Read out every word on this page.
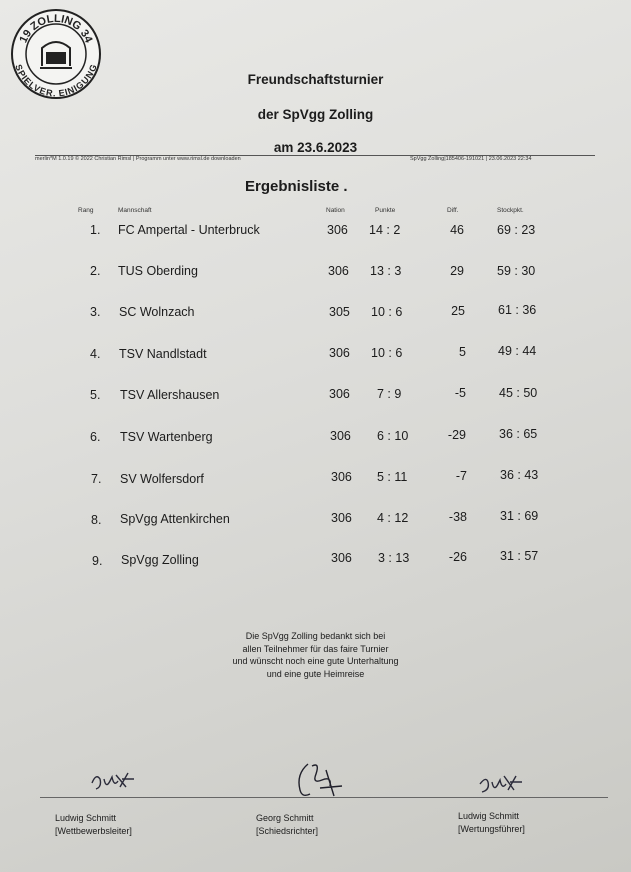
19 ZOLLING 34
SPIELVER. EINIGUNG
Freundschaftsturnier
der SpVgg Zolling
am 23.6.2023
merlin*M 1.0.19 © 2022 Christian Rimsl | Programm unter www.rimsl.de downloaden	SpVgg Zolling|185406-191021 | 23.06.2023 22:34
Ergebnisliste .
Rang	Mannschaft	Nation	Punkte	Diff.	Stockpkt.
1. FC Ampertal - Unterbruck	306 14 : 2	46	69 : 23
2. TUS Oberding	306 13 : 3	29	59 : 30
3. SC Wolnzach	305 10 : 6	25	61 : 36
4. TSV Nandlstadt	306 10 : 6	5	49 : 44
5. TSV Allershausen	306 7 : 9	-5	45 : 50
6. TSV Wartenberg	306 6 : 10	-29	36 : 65
7. SV Wolfersdorf	306 5 : 11	-7	36 : 43
8. SpVgg Attenkirchen	306 4 : 12	-38	31 : 69
9. SpVgg Zolling	306 3 : 13	-26	31 : 57
Die SpVgg Zolling bedankt sich bei
allen Teilnehmer für das faire Turnier
und wünscht noch eine gute Unterhaltung
und eine gute Heimreise
Ludwig Schmitt
[Wettbewerbsleiter]
Georg Schmitt
[Schiedsrichter]
Ludwig Schmitt
[Wertungsführer]
